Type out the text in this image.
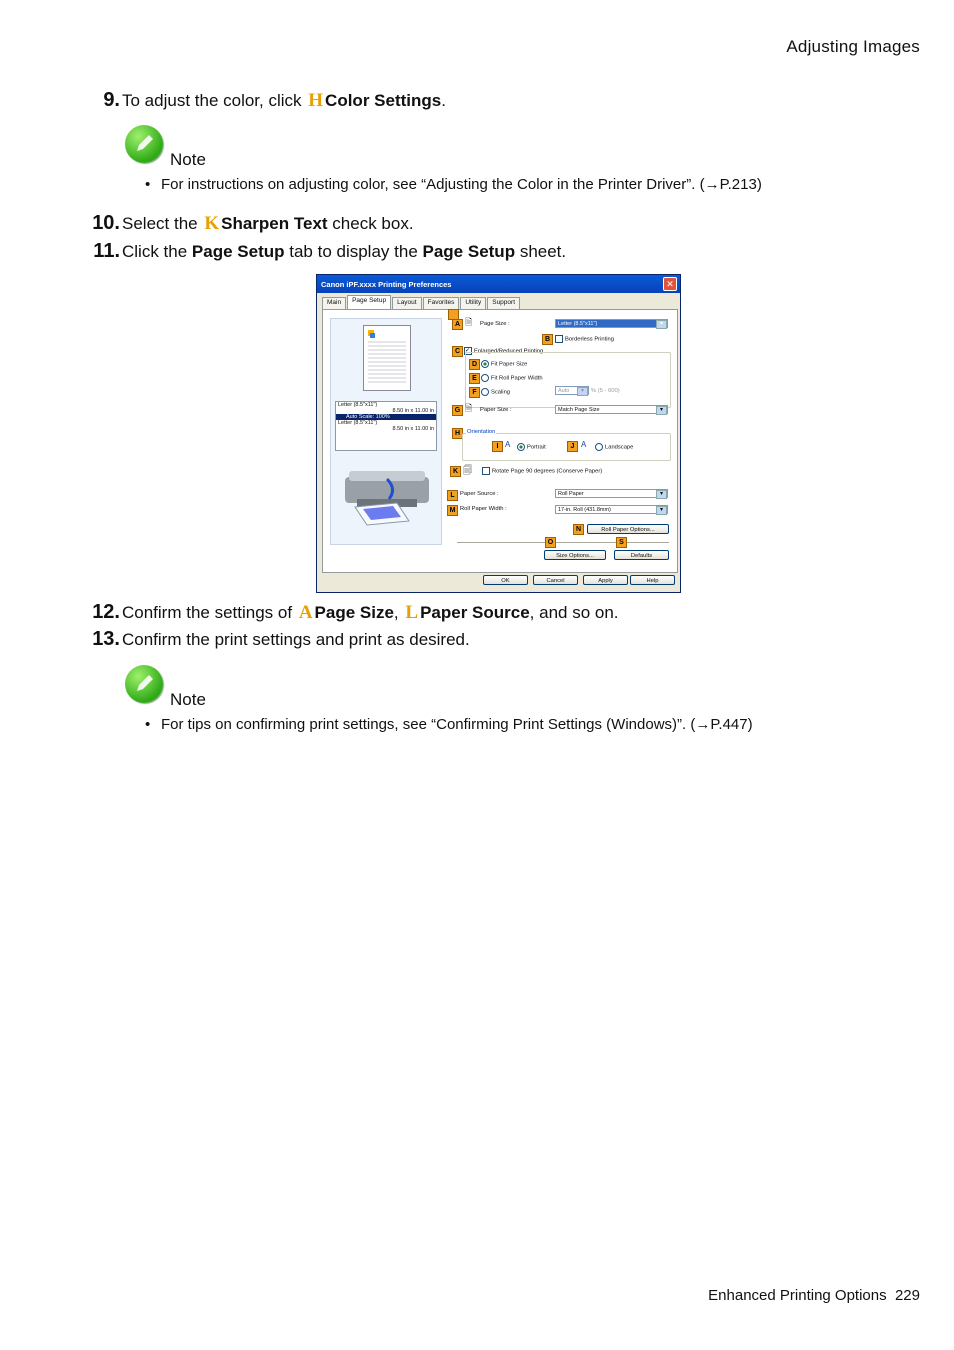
Adjusting Images
9. To adjust the color, click H Color Settings.
Note
• For instructions on adjusting color, see “Adjusting the Color in the Printer Driver”. (→P.213)
10. Select the K Sharpen Text check box.
11. Click the Page Setup tab to display the Page Setup sheet.
Canon iPF.xxxx Printing Preferences	✕
Main	Page Setup	Layout	Favorites	Utility	Support
Letter (8.5"x11")
8.50 in x 11.00 in
Auto Scale: 100%
Letter (8.5"x11")
8.50 in x 11.00 in
A 🗎 Page Size :	Letter (8.5"x11") ▾
B	Borderless Printing
C ✓ Enlarged/Reduced Printing
D	Fit Paper Size
E	Fit Roll Paper Width
F	Scaling	Auto ▾	% (5 - 600)
G 🗎 Paper Size :	Match Page Size ▾
H	Orientation
I A	Portrait	J A	Landscape
K 🗐	Rotate Page 90 degrees (Conserve Paper)
L Paper Source :	Roll Paper ▾
M Roll Paper Width :	17-in. Roll (431.8mm) ▾
N	Roll Paper Options...
O	S
Size Options...	Defaults
OK	Cancel	Apply	Help
12. Confirm the settings of A Page Size, L Paper Source, and so on.
13. Confirm the print settings and print as desired.
Note
• For tips on confirming print settings, see “Confirming Print Settings (Windows)”. (→P.447)
Enhanced Printing Options 229
